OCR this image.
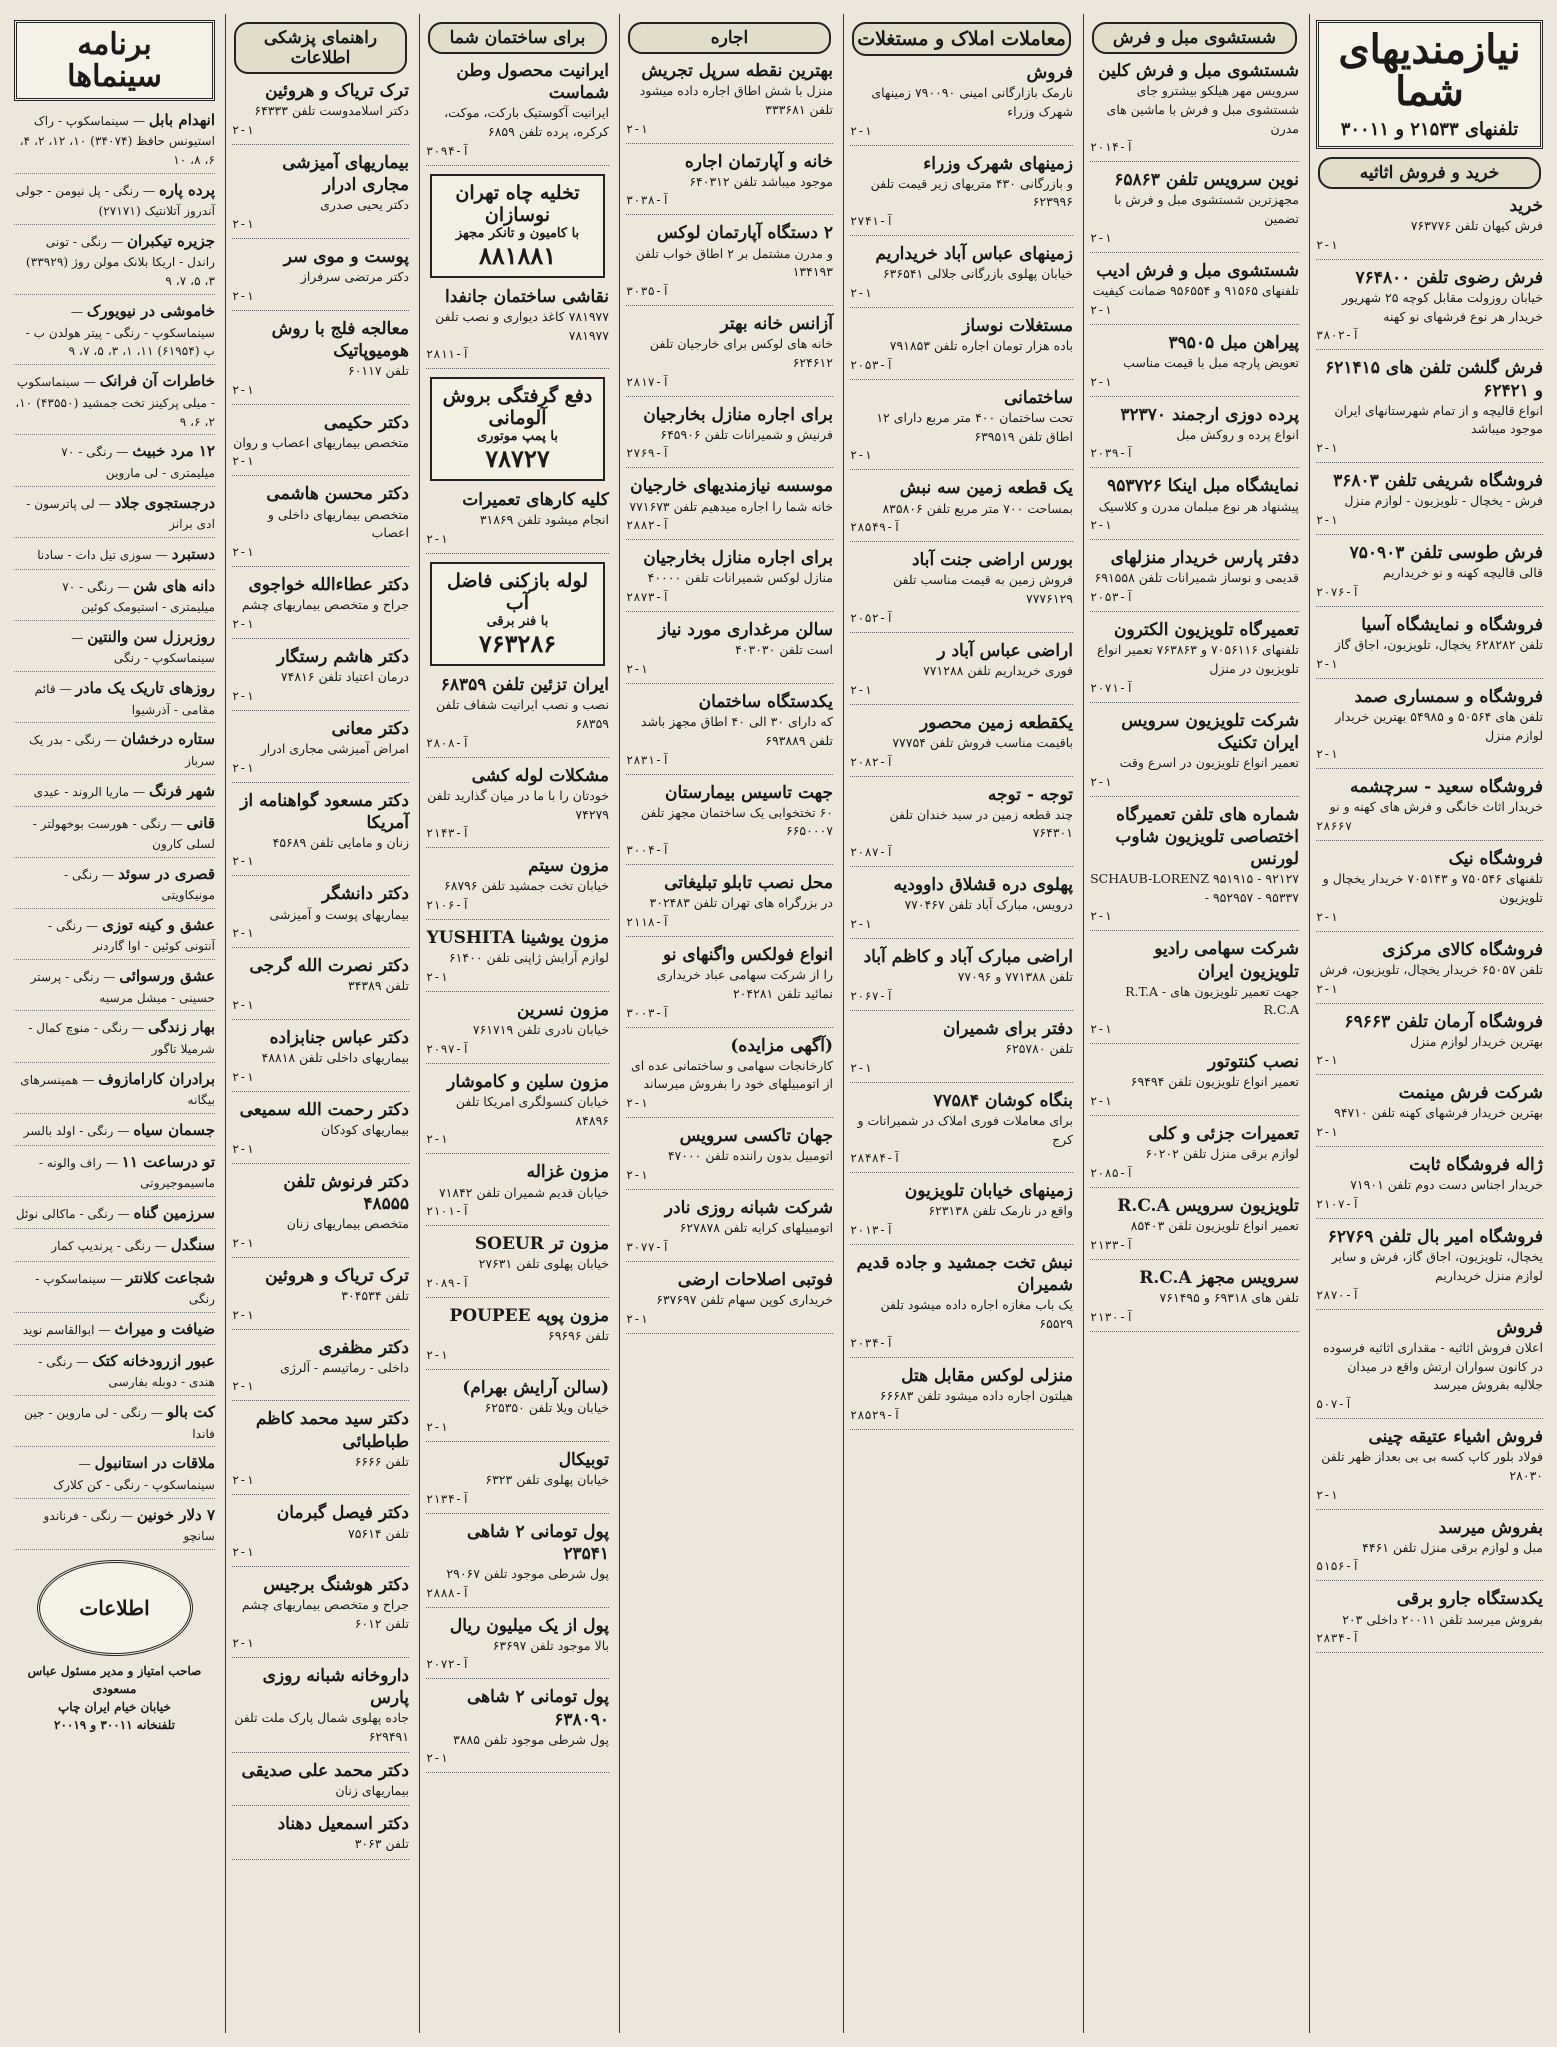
نیازمندیهای شما
تلفنهای ۲۱۵۳۳ و ۳۰۰۱۱
خرید و فروش اثاثیه
خرید
فرش کیهان تلفن ۷۶۳۷۷۶
۲-۱
فرش رضوی تلفن ۷۶۴۸۰۰
خیابان روزولت مقابل کوچه ۲۵ شهریور خریدار هر نوع فرشهای نو کهنه
۳۸۰۲-آ
فرش گلشن تلفن های ۶۲۱۴۱۵ و ۶۲۴۲۱
انواع قالیچه و از تمام شهرستانهای ایران موجود میباشد
۲-۱
فروشگاه شریفی تلفن ۳۶۸۰۳
فرش - یخچال - تلویزیون - لوازم منزل
۲-۱
فرش طوسی تلفن ۷۵۰۹۰۳
قالی قالیچه کهنه و نو خریداریم
۲۰۷۶-آ
فروشگاه و نمایشگاه آسیا
تلفن ۶۲۸۲۸۲ یخچال، تلویزیون، اجاق گاز
۲-۱
فروشگاه و سمساری صمد
تلفن های ۵۰۵۶۴ و ۵۴۹۸۵ بهترین خریدار لوازم منزل
۲-۱
فروشگاه سعید - سرچشمه
خریدار اثاث خانگی و فرش های کهنه و نو
۲۸۶۶۷
فروشگاه نیک
تلفنهای ۷۵۰۵۴۶ و ۷۰۵۱۴۳ خریدار یخچال و تلویزیون
۲-۱
فروشگاه کالای مرکزی
تلفن ۶۵۰۵۷ خریدار یخچال، تلویزیون، فرش
۲-۱
فروشگاه آرمان تلفن ۶۹۶۶۳
بهترین خریدار لوازم منزل
۲-۱
شرکت فرش مینمت
بهترین خریدار فرشهای کهنه تلفن ۹۴۷۱۰
۲-۱
ژاله فروشگاه ثابت
خریدار اجناس دست دوم تلفن ۷۱۹۰۱
۲۱۰۷-آ
فروشگاه امیر بال تلفن ۶۲۷۶۹
یخچال، تلویزیون، اجاق گاز، فرش و سایر لوازم منزل خریداریم
۲۸۷۰-آ
فروش
اعلان فروش اثاثیه - مقداری اثاثیه فرسوده در کانون سواران ارتش واقع در میدان جلالیه بفروش میرسد
۵۰۷-آ
فروش اشیاء عتیقه چینی
فولاد بلور کاپ کسه بی بی بعداز ظهر تلفن ۲۸۰۳۰
۲-۱
بفروش میرسد
مبل و لوازم برقی منزل تلفن ۴۴۶۱
۵۱۵۶-آ
یکدستگاه جارو برقی
بفروش میرسد تلفن ۲۰۰۱۱ داخلی ۲۰۳
۲۸۳۴-آ
شستشوی مبل و فرش
شستشوی مبل و فرش کلین
سرویس مهر هیلکو بیشترو جای شستشوی مبل و فرش با ماشین های مدرن
۲۰۱۴-آ
نوین سرویس تلفن ۶۵۸۶۳
مجهزترین شستشوی مبل و فرش با تضمین
۲-۱
شستشوی مبل و فرش ادیب
تلفنهای ۹۱۵۶۵ و ۹۵۶۵۵۴ ضمانت کیفیت
۲-۱
پیراهن مبل ۳۹۵۰۵
تعویض پارچه مبل با قیمت مناسب
۲-۱
پرده دوزی ارجمند ۳۲۳۷۰
انواع پرده و روکش مبل
۲۰۳۹-آ
نمایشگاه مبل اینکا ۹۵۳۷۲۶
پیشنهاد هر نوع مبلمان مدرن و کلاسیک
۲-۱
دفتر پارس خریدار منزلهای
قدیمی و نوساز شمیرانات تلفن ۶۹۱۵۵۸
۲۰۵۳-آ
تعمیرگاه تلویزیون الکترون
تلفنهای ۷۰۵۶۱۱۶ و ۷۶۳۸۶۳ تعمیر انواع تلویزیون در منزل
۲۰۷۱-آ
شرکت تلویزیون سرویس ایران تکنیک
تعمیر انواع تلویزیون در اسرع وقت
۲-۱
شماره های تلفن تعمیرگاه اختصاصی تلویزیون شاوب لورنس
SCHAUB-LORENZ ۹۵۱۹۱۵ - ۹۲۱۲۷ - ۹۵۲۹۵۷ - ۹۵۳۳۷
۲-۱
شرکت سهامی رادیو تلویزیون ایران
جهت تعمیر تلویزیون های R.T.A - R.C.A
۲-۱
نصب کنتوتور
تعمیر انواع تلویزیون تلفن ۶۹۴۹۴
۲-۱
تعمیرات جزئی و کلی
لوازم برقی منزل تلفن ۶۰۲۰۲
۲۰۸۵-آ
تلویزیون سرویس R.C.A
تعمیر انواع تلویزیون تلفن ۸۵۴۰۳
۲۱۳۳-آ
سرویس مجهز R.C.A
تلفن های ۶۹۳۱۸ و ۷۶۱۴۹۵
۲۱۳۰-آ
معاملات املاک و مستغلات
فروش
نارمک بازارگانی امینی ۷۹۰۰۹۰ زمینهای شهرک وزراء
۲-۱
زمینهای شهرک وزراء
و بازرگانی ۴۳۰ متریهای زیر قیمت تلفن ۶۲۳۹۹۶
۲۷۴۱-آ
زمینهای عباس آباد خریداریم
خیابان پهلوی بازرگانی جلالی ۶۳۶۵۴۱
۲-۱
مستغلات نوساز
باده هزار تومان اجاره تلفن ۷۹۱۸۵۳
۲۰۵۳-آ
ساختمانی
تحت ساختمان ۴۰۰ متر مربع دارای ۱۲ اطاق تلفن ۶۳۹۵۱۹
۲-۱
یک قطعه زمین سه نبش
بمساحت ۷۰۰ متر مربع تلفن ۸۳۵۸۰۶
۲۸۵۴۹-آ
بورس اراضی جنت آباد
فروش زمین به قیمت مناسب تلفن ۷۷۷۶۱۲۹
۲۰۵۲-آ
اراضی عباس آباد ر
فوری خریداریم تلفن ۷۷۱۲۸۸
۲-۱
یکقطعه زمین محصور
باقیمت مناسب فروش تلفن ۷۷۷۵۴
۲۰۸۲-آ
توجه - توجه
چند قطعه زمین در سید خندان تلفن ۷۶۴۳۰۱
۲۰۸۷-آ
پهلوی دره قشلاق داوودیه
درویس، مبارک آباد تلفن ۷۷۰۴۶۷
۲-۱
اراضی مبارک آباد و کاظم آباد
تلفن ۷۷۱۳۸۸ و ۷۷۰۹۶
۲۰۶۷-آ
دفتر برای شمیران
تلفن ۶۲۵۷۸۰
۲-۱
بنگاه کوشان ۷۷۵۸۴
برای معاملات فوری املاک در شمیرانات و کرج
۲۸۴۸۴-آ
زمینهای خیابان تلویزیون
واقع در نارمک تلفن ۶۲۳۱۳۸
۲۰۱۳-آ
نبش تخت جمشید و جاده قدیم شمیران
یک باب مغازه اجاره داده میشود تلفن ۶۵۵۲۹
۲۰۳۴-آ
منزلی لوکس مقابل هتل
هیلتون اجاره داده میشود تلفن ۶۶۶۸۳
۲۸۵۲۹-آ
اجاره
بهترین نقطه سرپل تجریش
منزل با شش اطاق اجاره داده میشود تلفن ۳۳۳۶۸۱
۲-۱
خانه و آپارتمان اجاره
موجود میباشد تلفن ۶۴۰۳۱۲
۳۰۳۸-آ
۲ دستگاه آپارتمان لوکس
و مدرن مشتمل بر ۲ اطاق خواب تلفن ۱۳۴۱۹۳
۳۰۳۵-آ
آزانس خانه بهتر
خانه های لوکس برای خارجیان تلفن ۶۲۴۶۱۲
۲۸۱۷-آ
برای اجاره منازل بخارجیان
فرنیش و شمیرانات تلفن ۶۴۵۹۰۶
۲۷۶۹-آ
موسسه نیازمندیهای خارجیان
خانه شما را اجاره میدهیم تلفن ۷۷۱۶۷۳
۲۸۸۲-آ
برای اجاره منازل بخارجیان
منازل لوکس شمیرانات تلفن ۴۰۰۰۰
۲۸۷۳-آ
سالن مرغداری مورد نیاز
است تلفن ۴۰۳۰۳۰
۲-۱
یکدستگاه ساختمان
که دارای ۳۰ الی ۴۰ اطاق مجهز باشد تلفن ۶۹۳۸۸۹
۲۸۳۱-آ
جهت تاسیس بیمارستان
۶۰ تختخوابی یک ساختمان مجهز تلفن ۶۶۵۰۰۰۷
۳۰۰۴-آ
محل نصب تابلو تبلیغاتی
در بزرگراه های تهران تلفن ۳۰۲۴۸۳
۲۱۱۸-آ
انواع فولکس واگنهای نو
را از شرکت سهامی عباد خریداری نمائید تلفن ۲۰۴۲۸۱
۳۰۰۳-آ
(آگهی مزایده)
کارخانجات سهامی و ساختمانی عده ای از اتومبیلهای خود را بفروش میرساند
۲-۱
جهان تاکسی سرویس
اتومبیل بدون راننده تلفن ۴۷۰۰۰
۲-۱
شرکت شبانه روزی نادر
اتومبیلهای کرایه تلفن ۶۲۷۸۷۸
۳۰۷۷-آ
فوتبی اصلاحات ارضی
خریداری کوپن سهام تلفن ۶۳۷۶۹۷
۲-۱
برای ساختمان شما
ایرانیت محصول وطن شماست
ایرانیت آکوستیک بارکت، موکت، کرکره، پرده تلفن ۶۸۵۹
۳۰۹۴-آ
تخلیه چاه تهران نوسازان
با کامیون و تانکر مجهز
۸۸۱۸۸۱
نقاشی ساختمان جانفدا
۷۸۱۹۷۷ کاغذ دیواری و نصب تلفن ۷۸۱۹۷۷
۲۸۱۱-آ
دفع گرفتگی بروش آلومانی
با پمپ موتوری
۷۸۷۲۷
کلیه کارهای تعمیرات
انجام میشود تلفن ۳۱۸۶۹
۲-۱
لوله بازکنی فاضل آب
با فنر برقی
۷۶۳۲۸۶
ایران تزئین تلفن ۶۸۳۵۹
نصب و نصب ایرانیت شفاف تلفن ۶۸۳۵۹
۲۸۰۸-آ
مشکلات لوله کشی
خودتان را با ما در میان گذارید تلفن ۷۴۲۷۹
۲۱۴۳-آ
مزون سیتم
خیابان تخت جمشید تلفن ۶۸۷۹۶
۲۱۰۶-آ
مزون یوشینا YUSHITA
لوازم آرایش ژاپنی تلفن ۶۱۴۰۰
۲-۱
مزون نسرین
خیابان نادری تلفن ۷۶۱۷۱۹
۲۰۹۷-آ
مزون سلین و کاموشار
خیابان کنسولگری امریکا تلفن ۸۴۸۹۶
۲-۱
مزون غزاله
خیابان قدیم شمیران تلفن ۷۱۸۴۲
۲۱۰۱-آ
مزون تر SOEUR
خیابان پهلوی تلفن ۲۷۶۳۱
۲۰۸۹-آ
مزون پوپه POUPEE
تلفن ۶۹۶۹۶
۲-۱
(سالن آرایش بهرام)
خیابان ویلا تلفن ۶۲۵۳۵۰
۲-۱
توبیکال
خیابان پهلوی تلفن ۶۳۲۳
۲۱۳۴-آ
پول تومانی ۲ شاهی ۲۳۵۴۱
پول شرطی موجود تلفن ۲۹۰۶۷
۲۸۸۸-آ
پول از یک میلیون ریال
بالا موجود تلفن ۶۳۶۹۷
۲۰۷۲-آ
پول تومانی ۲ شاهی ۶۳۸۰۹۰
پول شرطی موجود تلفن ۳۸۸۵
۲-۱
راهنمای پزشکی اطلاعات
ترک تریاک و هروئین
دکتر اسلامدوست تلفن ۶۴۳۳۳
۲-۱
بیماریهای آمیزشی مجاری ادرار
دکتر یحیی صدری
۲-۱
پوست و موی سر
دکتر مرتضی سرفراز
۲-۱
معالجه فلج با روش هومیوپاتیک
تلفن ۶۰۱۱۷
۲-۱
دکتر حکیمی
متخصص بیماریهای اعصاب و روان
۲-۱
دکتر محسن هاشمی
متخصص بیماریهای داخلی و اعصاب
۲-۱
دکتر عطاءالله خواجوی
جراح و متخصص بیماریهای چشم
۲-۱
دکتر هاشم رستگار
درمان اعتیاد تلفن ۷۴۸۱۶
۲-۱
دکتر معانی
امراض آمیزشی مجاری ادرار
۲-۱
دکتر مسعود گواهنامه از آمریکا
زنان و مامایی تلفن ۴۵۶۸۹
۲-۱
دکتر دانشگر
بیماریهای پوست و آمیزشی
۲-۱
دکتر نصرت الله گرجی
تلفن ۳۴۳۸۹
۲-۱
دکتر عباس جنابزاده
بیماریهای داخلی تلفن ۴۸۸۱۸
۲-۱
دکتر رحمت الله سمیعی
بیماریهای کودکان
۲-۱
دکتر فرنوش تلفن ۴۸۵۵۵
متخصص بیماریهای زنان
۲-۱
ترک تریاک و هروئین
تلفن ۳۰۴۵۳۴
۲-۱
دکتر مظفری
داخلی - رماتیسم - آلرژی
۲-۱
دکتر سید محمد کاظم طباطبائی
تلفن ۶۶۶۶
۲-۱
دکتر فیصل گبرمان
تلفن ۷۵۶۱۴
۲-۱
دکتر هوشنگ برجیس
جراح و متخصص بیماریهای چشم تلفن ۶۰۱۲
۲-۱
داروخانه شبانه روزی پارس
جاده پهلوی شمال پارک ملت تلفن ۶۲۹۴۹۱
دکتر محمد علی صدیقی
بیماریهای زنان
دکتر اسمعیل دهناد
تلفن ۳۰۶۳
برنامه سینماها
انهدام بابل — سینماسکوپ - راک استیونس حافظ (۳۴۰۷۴) ۱۰، ۱۲، ۲، ۴، ۶، ۸، ۱۰
پرده پاره — رنگی - پل نیومن - جولی آندروز آتلانتیک (۲۷۱۷۱)
جزیره تیکبران — رنگی - تونی راندل - اریکا بلانک مولن روژ (۳۳۹۲۹) ۳، ۵، ۷، ۹
خاموشی در نیویورک — سینماسکوپ - رنگی - پیتر هولدن ب - پ (۶۱۹۵۴) ۱۱، ۱، ۳، ۵، ۷، ۹
خاطرات آن فرانک — سینماسکوپ - میلی پرکینز تخت جمشید (۴۳۵۵۰) ۱۰، ۲، ۶، ۹
۱۲ مرد خبیث — رنگی - ۷۰ میلیمتری - لی ماروین
درجستجوی جلاد — لی پاترسون - ادی برانز
دستبرد — سوزی تیل دات - سادنا
دانه های شن — رنگی - ۷۰ میلیمتری - استیومک کوئین
روزبرزل سن والنتین — سینماسکوپ - رنگی
روزهای تاریک یک مادر — قائم مقامی - آذرشیوا
ستاره درخشان — رنگی - بدر یک سرباز
شهر فرنگ — ماریا الروند - عیدی
قانی — رنگی - هورست بوخهولتر - لسلی کارون
قصری در سوئد — رنگی - مونیکاویتی
عشق و کینه توزی — رنگی - آنتونی کوئین - اوا گاردنر
عشق ورسوائی — رنگی - پرستر حسینی - میشل مرسیه
بهار زندگی — رنگی - منوچ کمال - شرمیلا تاگور
برادران کارامازوف — همینسرهای بیگانه
جسمان سیاه — رنگی - اولد بالسر
تو درساعت ۱۱ — راف والونه - ماسیموجیروتی
سرزمین گناه — رنگی - ماکالی نوئل
سنگدل — رنگی - پرندیپ کمار
شجاعت کلانتر — سینماسکوپ - رنگی
ضیافت و میراث — ابوالقاسم نوید
عبور ازرودخانه کتک — رنگی - هندی - دوبله بفارسی
کت بالو — رنگی - لی ماروین - جین فاندا
ملاقات در استانبول — سینماسکوپ - رنگی - کن کلارک
۷ دلار خونین — رنگی - فرناندو سانچو
اطلاعات
صاحب امتیاز و مدیر مسئول عباس مسعودی
خیابان خیام ایران چاپ
تلفنخانه ۳۰۰۱۱ و ۲۰۰۱۹
